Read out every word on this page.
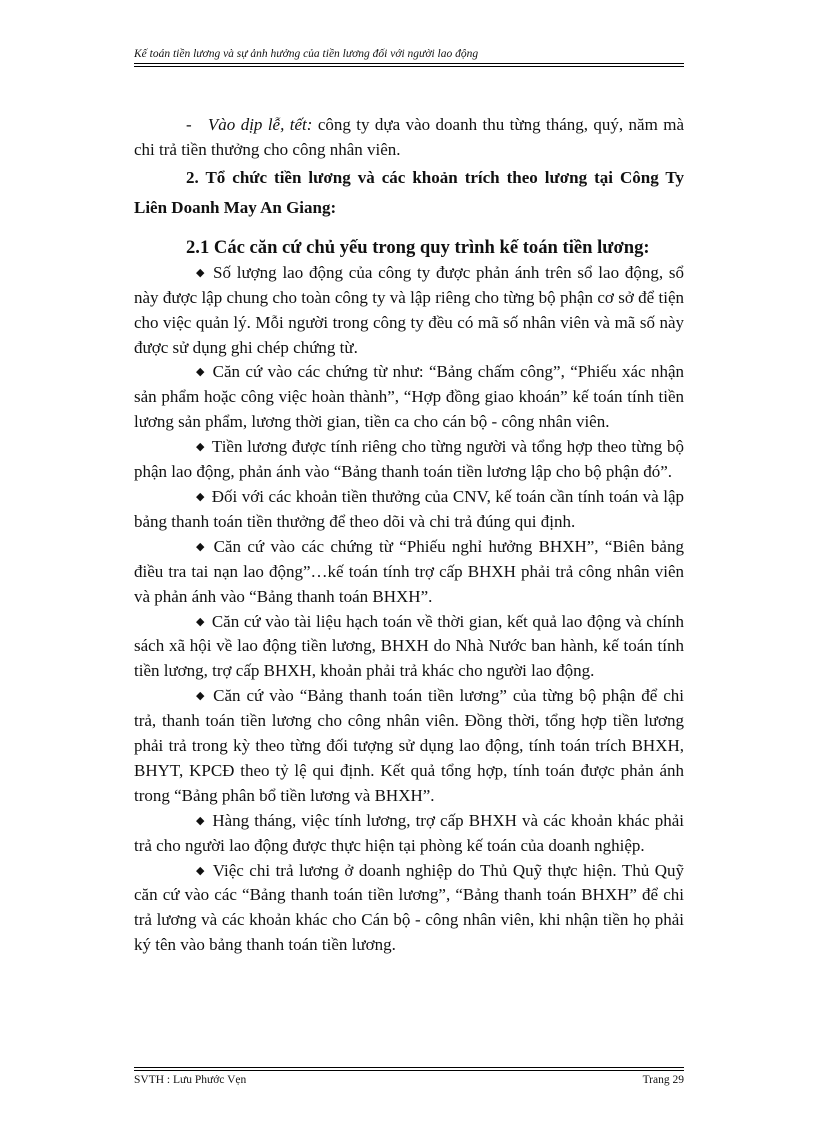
Kế toán tiền lương và sự ảnh hưởng của tiền lương đối với người lao động

- Vào dịp lễ, tết: công ty dựa vào doanh thu từng tháng, quý, năm mà chi trả tiền thưởng cho công nhân viên.

2. Tổ chức tiền lương và các khoản trích theo lương tại Công Ty Liên Doanh May An Giang:

2.1 Các căn cứ chủ yếu trong quy trình kế toán tiền lương:

◆ Số lượng lao động của công ty được phản ánh trên sổ lao động, sổ này được lập chung cho toàn công ty và lập riêng cho từng bộ phận cơ sở để tiện cho việc quản lý. Mỗi người trong công ty đều có mã số nhân viên và mã số này được sử dụng ghi chép chứng từ.

◆ Căn cứ vào các chứng từ như: “Bảng chấm công”, “Phiếu xác nhận sản phẩm hoặc công việc hoàn thành”, “Hợp đồng giao khoán” kế toán tính tiền lương sản phẩm, lương thời gian, tiền ca cho cán bộ - công nhân viên.

◆ Tiền lương được tính riêng cho từng người và tổng hợp theo từng bộ phận lao động, phản ánh vào “Bảng thanh toán tiền lương lập cho bộ phận đó”.

◆ Đối với các khoản tiền thưởng của CNV, kế toán cần tính toán và lập bảng thanh toán tiền thưởng để theo dõi và chi trả đúng qui định.

◆ Căn cứ vào các chứng từ “Phiếu nghỉ hưởng BHXH”, “Biên bảng điều tra tai nạn lao động”…kế toán tính trợ cấp BHXH phải trả công nhân viên và phản ánh vào “Bảng thanh toán BHXH”.

◆ Căn cứ vào tài liệu hạch toán về thời gian, kết quả lao động và chính sách xã hội về lao động tiền lương, BHXH do Nhà Nước ban hành, kế toán tính tiền lương, trợ cấp BHXH, khoản phải trả khác cho người lao động.

◆ Căn cứ vào “Bảng thanh toán tiền lương” của từng bộ phận để chi trả, thanh toán tiền lương cho công nhân viên. Đồng thời, tổng hợp tiền lương phải trả trong kỳ theo từng đối tượng sử dụng lao động, tính toán trích BHXH, BHYT, KPCĐ theo tỷ lệ qui định. Kết quả tổng hợp, tính toán được phản ánh trong “Bảng phân bổ tiền lương và BHXH”.

◆ Hàng tháng, việc tính lương, trợ cấp BHXH và các khoản khác phải trả cho người lao động được thực hiện tại phòng kế toán của doanh nghiệp.

◆ Việc chi trả lương ở doanh nghiệp do Thủ Quỹ thực hiện. Thủ Quỹ căn cứ vào các “Bảng thanh toán tiền lương”, “Bảng thanh toán BHXH” để chi trả lương và các khoản khác cho Cán bộ - công nhân viên, khi nhận tiền họ phải ký tên vào bảng thanh toán tiền lương.

SVTH : Lưu Phước Vẹn	Trang 29
